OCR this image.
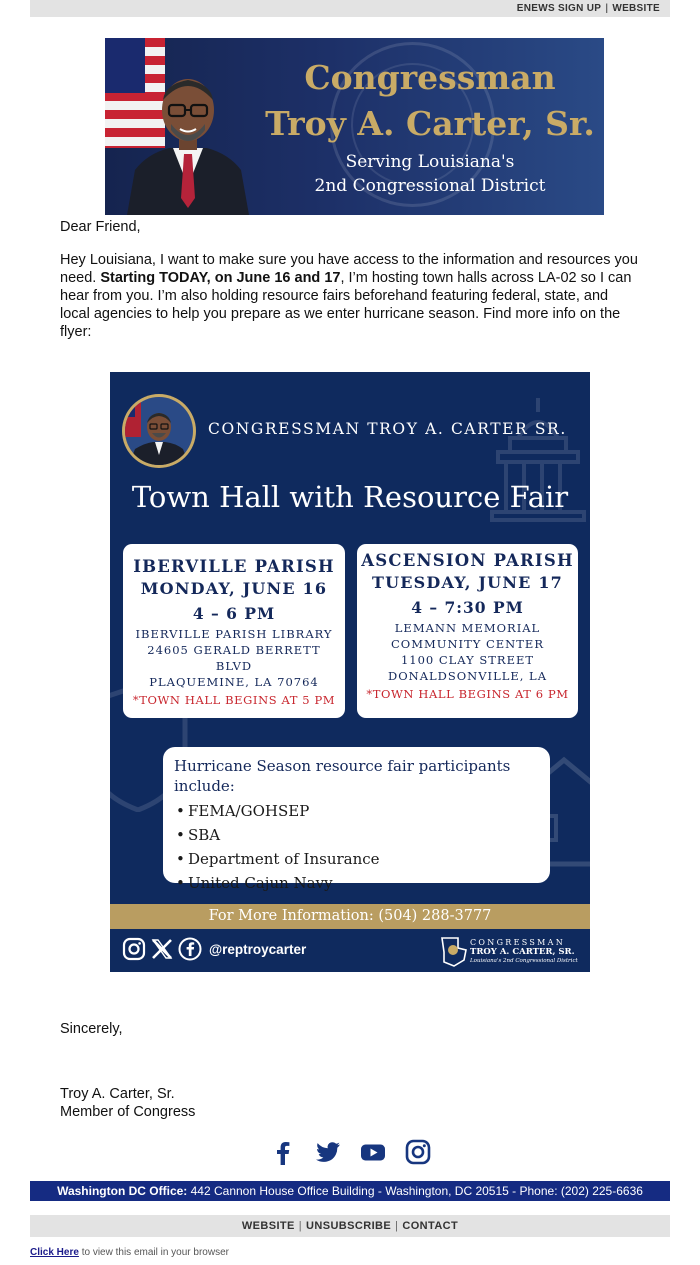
ENEWS SIGN UP | WEBSITE
Congressman
Troy A. Carter, Sr.
Serving Louisiana's
2nd Congressional District
Dear Friend,
Hey Louisiana, I want to make sure you have access to the information and resources you need. Starting TODAY, on June 16 and 17, I’m hosting town halls across LA-02 so I can hear from you. I’m also holding resource fairs beforehand featuring federal, state, and local agencies to help you prepare as we enter hurricane season. Find more info on the flyer:
CONGRESSMAN TROY A. CARTER SR.
Town Hall with Resource Fair
IBERVILLE PARISH
MONDAY, JUNE 16
4 – 6 PM
IBERVILLE PARISH LIBRARY
24605 GERALD BERRETT
BLVD
PLAQUEMINE, LA 70764
*TOWN HALL BEGINS AT 5 PM
ASCENSION PARISH
TUESDAY, JUNE 17
4 – 7:30 PM
LEMANN MEMORIAL
COMMUNITY CENTER
1100 CLAY STREET
DONALDSONVILLE, LA
*TOWN HALL BEGINS AT 6 PM
Hurricane Season resource fair participants include:
• FEMA/GOHSEP
• SBA
• Department of Insurance
• United Cajun Navy
For More Information: (504) 288-3777
@reptroycarter	CONGRESSMAN
TROY A. CARTER, SR.
Louisiana's 2nd Congressional District
Sincerely,
Troy A. Carter, Sr.
Member of Congress
Washington DC Office: 442 Cannon House Office Building - Washington, DC 20515 - Phone: (202) 225-6636
WEBSITE | UNSUBSCRIBE | CONTACT
Click Here to view this email in your browser
